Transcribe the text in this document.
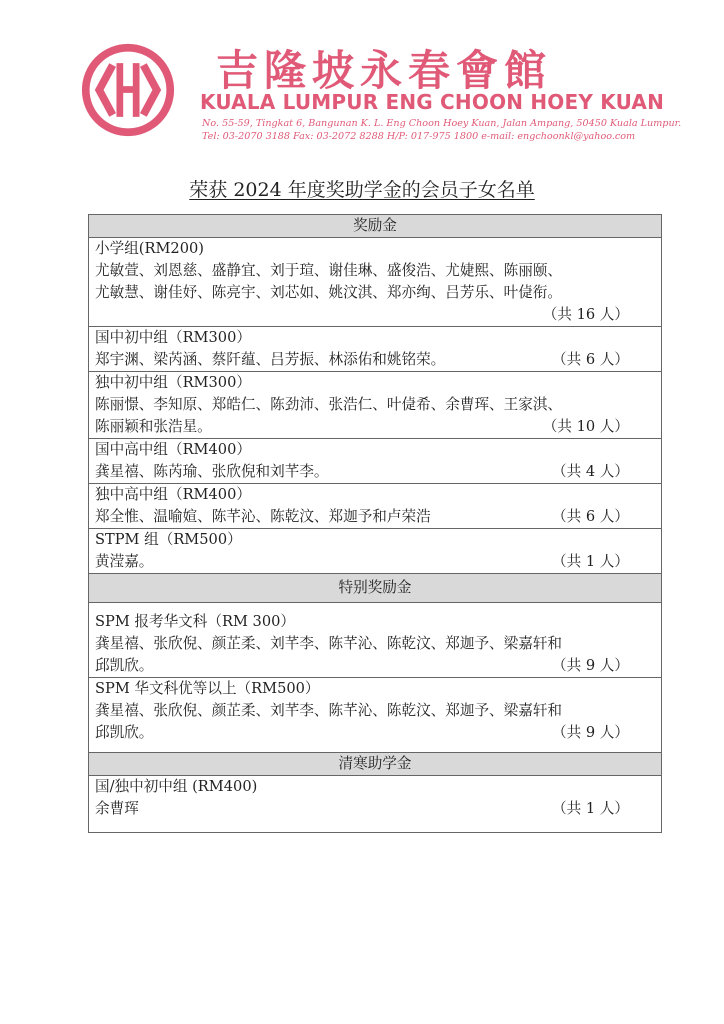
吉隆坡永春會館
KUALA LUMPUR ENG CHOON HOEY KUAN
No. 55-59, Tingkat 6, Bangunan K. L. Eng Choon Hoey Kuan, Jalan Ampang, 50450 Kuala Lumpur.
Tel: 03-2070 3188 Fax: 03-2072 8288 H/P: 017-975 1800 e-mail: engchoonkl@yahoo.com
荣获 2024 年度奖助学金的会员子女名单
奖励金

小学组(RM200)
尤敏萱、刘恩慈、盛静宜、刘于瑄、谢佳琳、盛俊浩、尤婕熙、陈丽颐、
尤敏慧、谢佳妤、陈亮宇、刘芯如、姚汶淇、郑亦绚、吕芳乐、叶偼衔。
（共 16 人）

国中初中组（RM300）
郑宇渊、梁芮涵、蔡阡蕴、吕芳振、林添佑和姚铭荣。	（共 6 人）

独中初中组（RM300）
陈丽憬、李知原、郑皓仁、陈劲沛、张浩仁、叶偼希、余曹珲、王家淇、
陈丽颖和张浩星。	（共 10 人）

国中高中组（RM400）
龚星禧、陈芮瑜、张欣倪和刘芊李。	（共 4 人）

独中高中组（RM400）
郑全惟、温喻媗、陈芊沁、陈乾汶、郑迦予和卢荣浩	（共 6 人）

STPM 组（RM500）
黄滢嘉。	（共 1 人）

特别奖励金

SPM 报考华文科（RM 300）
龚星禧、张欣倪、颜芷柔、刘芊李、陈芊沁、陈乾汶、郑迦予、梁嘉轩和
邱凯欣。	（共 9 人）

SPM 华文科优等以上（RM500）
龚星禧、张欣倪、颜芷柔、刘芊李、陈芊沁、陈乾汶、郑迦予、梁嘉轩和
邱凯欣。	（共 9 人）

清寒助学金

国/独中初中组 (RM400)
余曹珲	（共 1 人）
